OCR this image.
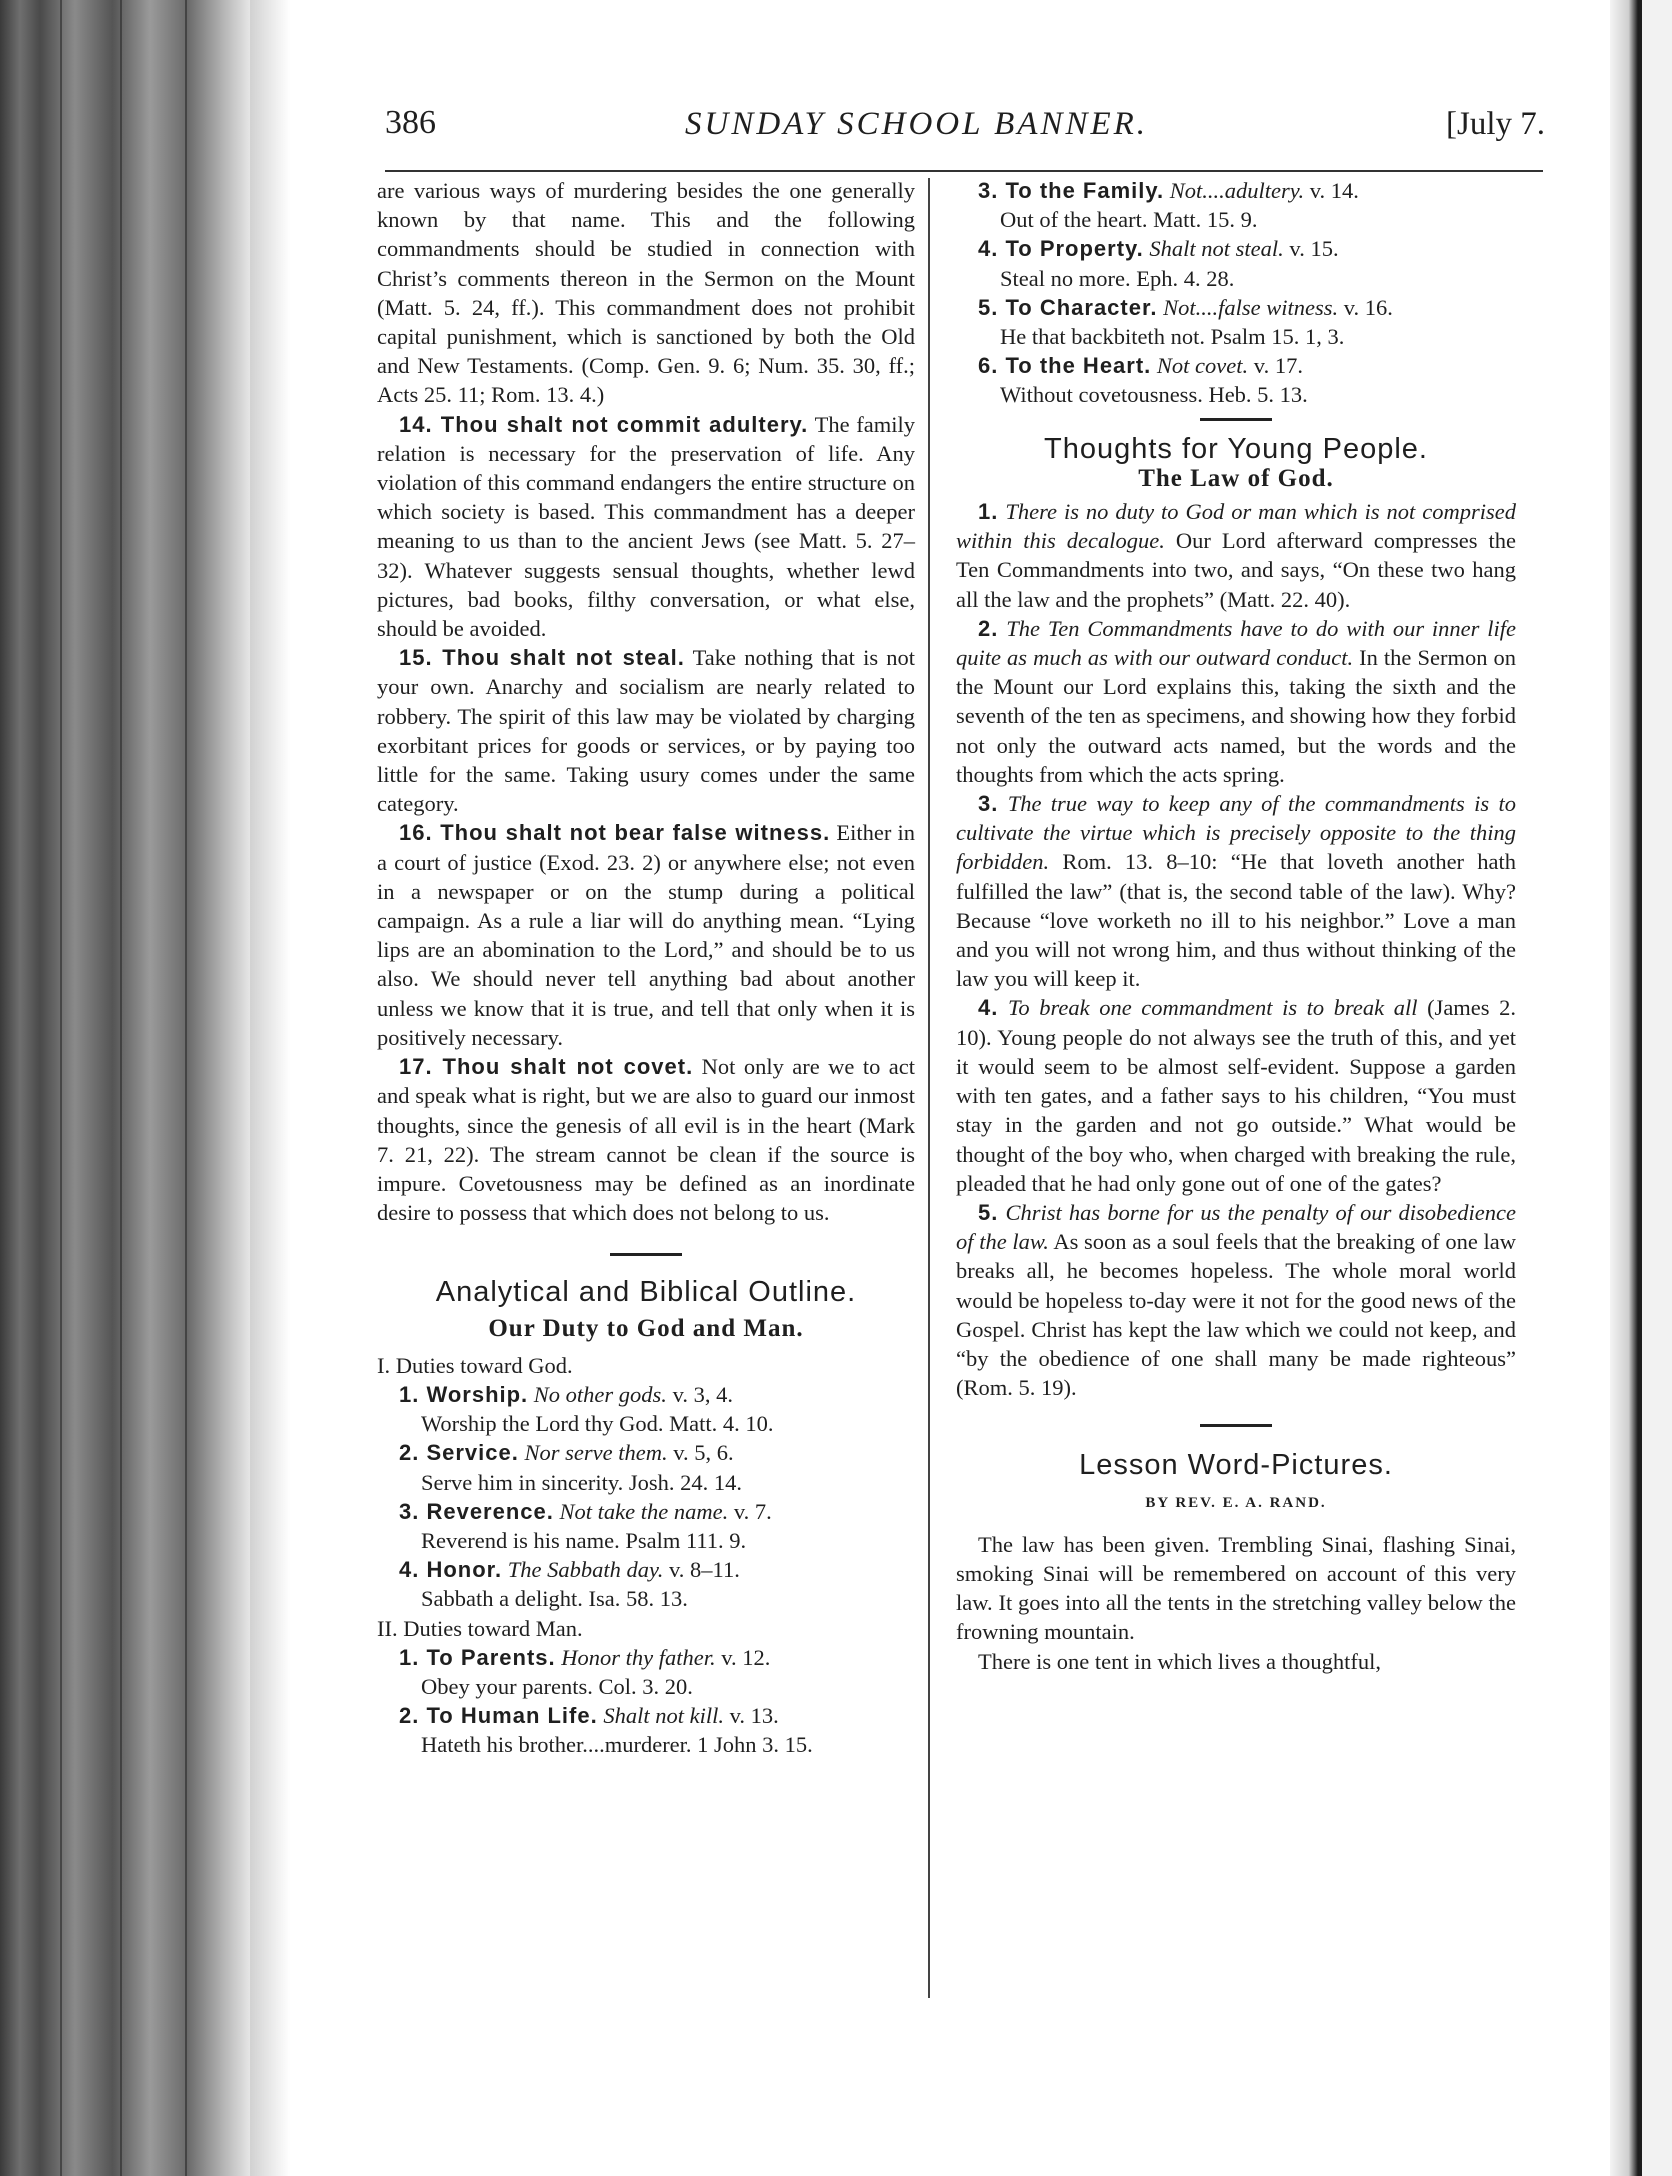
386	SUNDAY SCHOOL BANNER.	[July 7.

are various ways of murdering besides the one generally known by that name. This and the following commandments should be studied in connection with Christ’s comments thereon in the Sermon on the Mount (Matt. 5. 24, ff.). This commandment does not prohibit capital punishment, which is sanctioned by both the Old and New Testaments. (Comp. Gen. 9. 6; Num. 35. 30, ff.; Acts 25. 11; Rom. 13. 4.)

14. Thou shalt not commit adultery. The family relation is necessary for the preservation of life. Any violation of this command endangers the entire structure on which society is based. This commandment has a deeper meaning to us than to the ancient Jews (see Matt. 5. 27–32). Whatever suggests sensual thoughts, whether lewd pictures, bad books, filthy conversation, or what else, should be avoided.

15. Thou shalt not steal. Take nothing that is not your own. Anarchy and socialism are nearly related to robbery. The spirit of this law may be violated by charging exorbitant prices for goods or services, or by paying too little for the same. Taking usury comes under the same category.

16. Thou shalt not bear false witness. Either in a court of justice (Exod. 23. 2) or anywhere else; not even in a newspaper or on the stump during a political campaign. As a rule a liar will do anything mean. “Lying lips are an abomination to the Lord,” and should be to us also. We should never tell anything bad about another unless we know that it is true, and tell that only when it is positively necessary.

17. Thou shalt not covet. Not only are we to act and speak what is right, but we are also to guard our inmost thoughts, since the genesis of all evil is in the heart (Mark 7. 21, 22). The stream cannot be clean if the source is impure. Covetousness may be defined as an inordinate desire to possess that which does not belong to us.

Analytical and Biblical Outline.

Our Duty to God and Man.

I. Duties toward God.

1. Worship. No other gods. v. 3, 4.

Worship the Lord thy God. Matt. 4. 10.

2. Service. Nor serve them. v. 5, 6.

Serve him in sincerity. Josh. 24. 14.

3. Reverence. Not take the name. v. 7.

Reverend is his name. Psalm 111. 9.

4. Honor. The Sabbath day. v. 8–11.

Sabbath a delight. Isa. 58. 13.

II. Duties toward Man.

1. To Parents. Honor thy father. v. 12.

Obey your parents. Col. 3. 20.

2. To Human Life. Shalt not kill. v. 13.

Hateth his brother....murderer. 1 John 3. 15.

3. To the Family. Not....adultery. v. 14.

Out of the heart. Matt. 15. 9.

4. To Property. Shalt not steal. v. 15.

Steal no more. Eph. 4. 28.

5. To Character. Not....false witness. v. 16.

He that backbiteth not. Psalm 15. 1, 3.

6. To the Heart. Not covet. v. 17.

Without covetousness. Heb. 5. 13.

Thoughts for Young People.

The Law of God.

1. There is no duty to God or man which is not comprised within this decalogue. Our Lord afterward compresses the Ten Commandments into two, and says, “On these two hang all the law and the prophets” (Matt. 22. 40).

2. The Ten Commandments have to do with our inner life quite as much as with our outward conduct. In the Sermon on the Mount our Lord explains this, taking the sixth and the seventh of the ten as specimens, and showing how they forbid not only the outward acts named, but the words and the thoughts from which the acts spring.

3. The true way to keep any of the commandments is to cultivate the virtue which is precisely opposite to the thing forbidden. Rom. 13. 8–10: “He that loveth another hath fulfilled the law” (that is, the second table of the law). Why? Because “love worketh no ill to his neighbor.” Love a man and you will not wrong him, and thus without thinking of the law you will keep it.

4. To break one commandment is to break all (James 2. 10). Young people do not always see the truth of this, and yet it would seem to be almost self-evident. Suppose a garden with ten gates, and a father says to his children, “You must stay in the garden and not go outside.” What would be thought of the boy who, when charged with breaking the rule, pleaded that he had only gone out of one of the gates?

5. Christ has borne for us the penalty of our disobedience of the law. As soon as a soul feels that the breaking of one law breaks all, he becomes hopeless. The whole moral world would be hopeless to-day were it not for the good news of the Gospel. Christ has kept the law which we could not keep, and “by the obedience of one shall many be made righteous” (Rom. 5. 19).

Lesson Word-Pictures.

BY REV. E. A. RAND.

The law has been given. Trembling Sinai, flashing Sinai, smoking Sinai will be remembered on account of this very law. It goes into all the tents in the stretching valley below the frowning mountain.

There is one tent in which lives a thoughtful,
